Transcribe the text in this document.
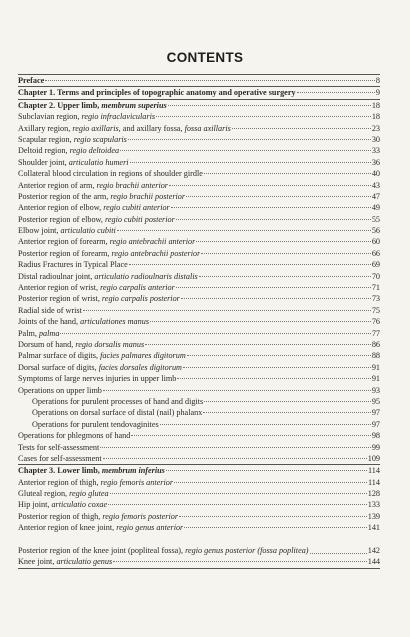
CONTENTS
Preface	8
Chapter 1. Terms and principles of topographic anatomy and operative surgery	9
Chapter 2. Upper limb, membrum superius	18
Subclavian region, regio infraclavicularis	18
Axillary region, regio axillaris, and axillary fossa, fossa axillaris	23
Scapular region, regio scapularis	30
Deltoid region, regio deltoidea	33
Shoulder joint, articulatio humeri	36
Collateral blood circulation in regions of shoulder girdle	40
Anterior region of arm, regio brachii anterior	43
Posterior region of the arm, regio brachii posterior	47
Anterior region of elbow, regio cubiti anterior	49
Posterior region of elbow, regio cubiti posterior	55
Elbow joint, articulatio cubiti	56
Anterior region of forearm, regio antebrachii anterior	60
Posterior region of forearm, regio antebrachii posterior	66
Radius Fractures in Typical Place	69
Distal radioulnar joint, articulatio radioulnaris distalis	70
Anterior region of wrist, regio carpalis anterior	71
Posterior region of wrist, regio carpalis posterior	73
Radial side of wrist	75
Joints of the hand, articulationes manus	76
Palm, palma	77
Dorsum of hand, regio dorsalis manus	86
Palmar surface of digits, facies palmares digitorum	88
Dorsal surface of digits, facies dorsales digitorum	91
Symptoms of large nerves injuries in upper limb	91
Operations on upper limb	93
Operations for purulent processes of hand and digits	95
Operations on dorsal surface of distal (nail) phalanx	97
Operations for purulent tendovaginites	97
Operations for phlegmons of hand	98
Tests for self-assessment	99
Cases for self-assessment	109
Chapter 3. Lower limb, membrum inferius	114
Anterior region of thigh, regio femoris anterior	114
Gluteal region, regio glutea	128
Hip joint, articulatio coxae	133
Posterior region of thigh, regio femoris posterior	139
Anterior region of knee joint, regio genus anterior	141
Posterior region of the knee joint (popliteal fossa), regio genus posterior (fossa poplitea)	142
Knee joint, articulatio genus	144
